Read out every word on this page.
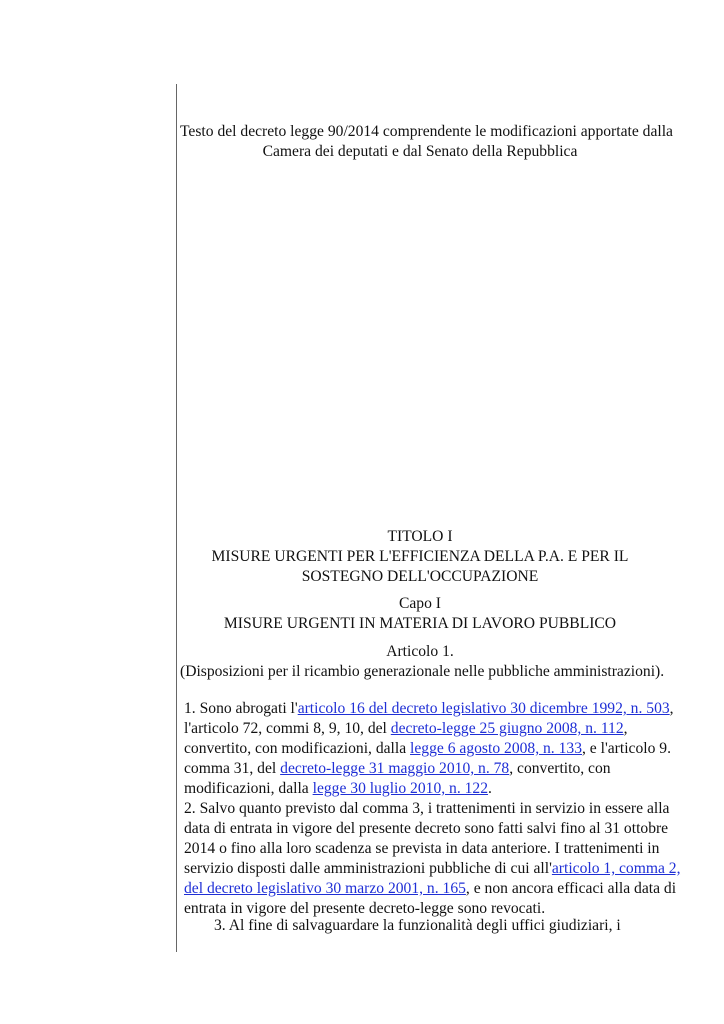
Testo del decreto legge 90/2014 comprendente le modificazioni apportate dalla
Camera dei deputati e dal Senato della Repubblica
TITOLO I
MISURE URGENTI PER L'EFFICIENZA DELLA P.A. E PER IL
SOSTEGNO DELL'OCCUPAZIONE
Capo I
MISURE URGENTI IN MATERIA DI LAVORO PUBBLICO
Articolo 1.
(Disposizioni per il ricambio generazionale nelle pubbliche amministrazioni).
1. Sono abrogati l'articolo 16 del decreto legislativo 30 dicembre 1992, n. 503,
l'articolo 72, commi 8, 9, 10, del decreto-legge 25 giugno 2008, n. 112,
convertito, con modificazioni, dalla legge 6 agosto 2008, n. 133, e l'articolo 9.
comma 31, del decreto-legge 31 maggio 2010, n. 78, convertito, con
modificazioni, dalla legge 30 luglio 2010, n. 122.
2. Salvo quanto previsto dal comma 3, i trattenimenti in servizio in essere alla
data di entrata in vigore del presente decreto sono fatti salvi fino al 31 ottobre
2014 o fino alla loro scadenza se prevista in data anteriore. I trattenimenti in
servizio disposti dalle amministrazioni pubbliche di cui all'articolo 1, comma 2,
del decreto legislativo 30 marzo 2001, n. 165, e non ancora efficaci alla data di
entrata in vigore del presente decreto-legge sono revocati.
3. Al fine di salvaguardare la funzionalità degli uffici giudiziari, i
